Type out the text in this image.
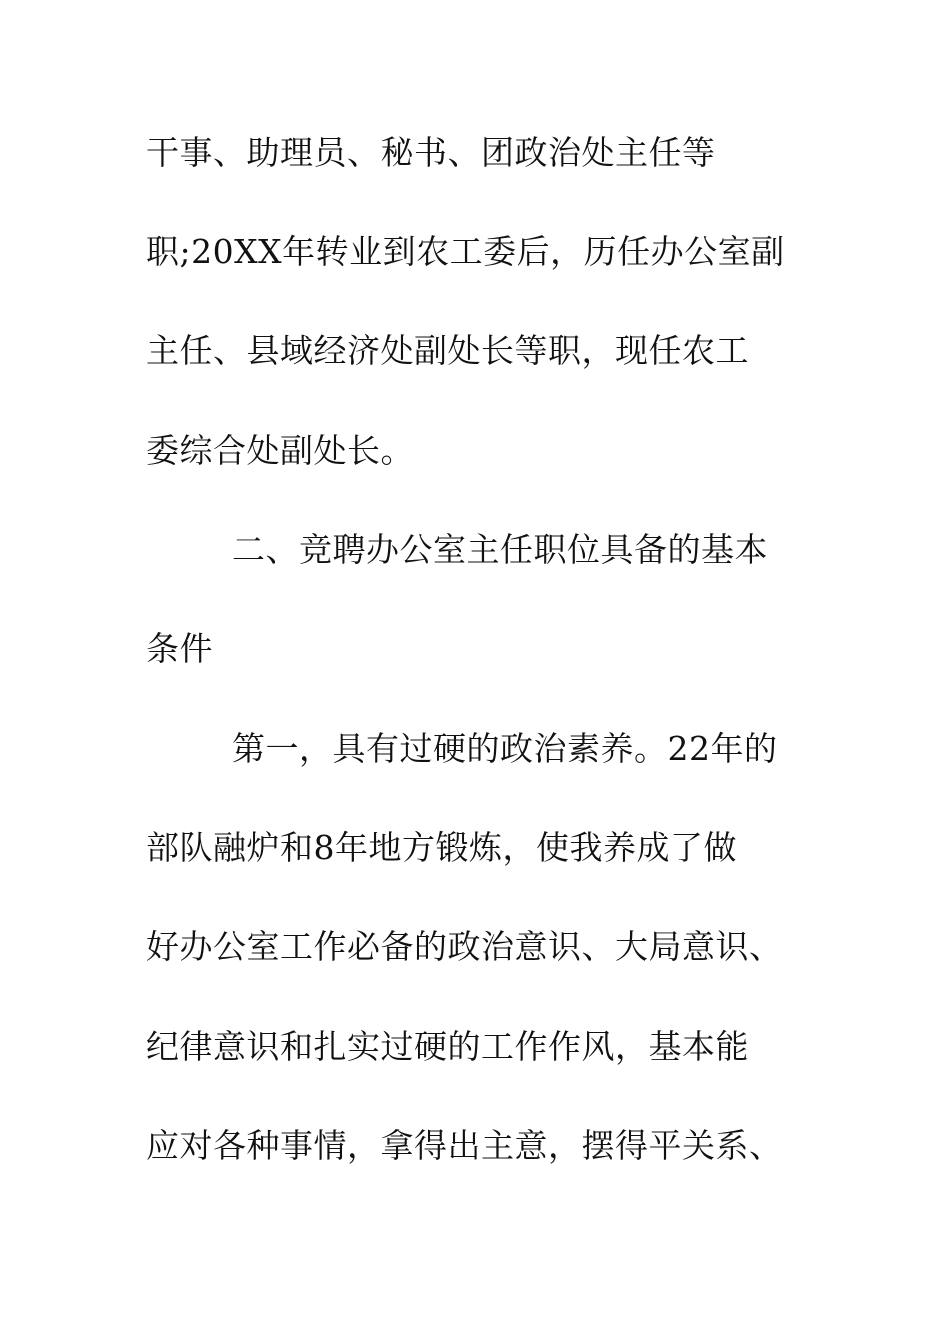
干事、助理员、秘书、团政治处主任等
职;20XX年转业到农工委后，历任办公室副
主任、县域经济处副处长等职，现任农工
委综合处副处长。
二、竞聘办公室主任职位具备的基本
条件
第一，具有过硬的政治素养。22年的
部队融炉和8年地方锻炼，使我养成了做
好办公室工作必备的政治意识、大局意识、
纪律意识和扎实过硬的工作作风，基本能
应对各种事情，拿得出主意，摆得平关系、
